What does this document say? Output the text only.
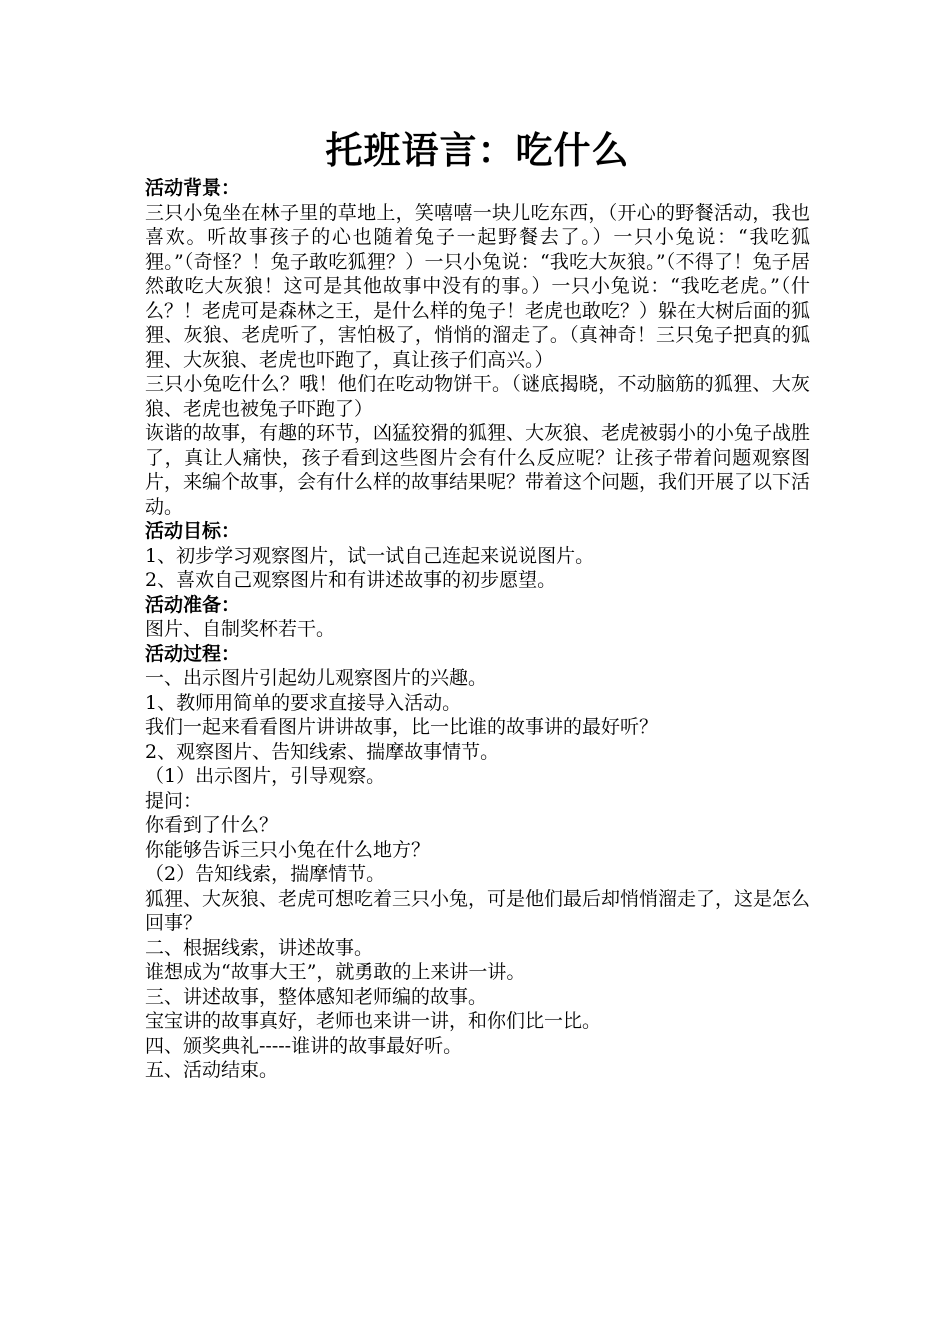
托班语言：吃什么

活动背景：

三只小兔坐在林子里的草地上，笑嘻嘻一块儿吃东西，（开心的野餐活动，我也喜欢。听故事孩子的心也随着兔子一起野餐去了。）一只小兔说：“我吃狐狸。”（奇怪？！兔子敢吃狐狸？）一只小兔说：“我吃大灰狼。”（不得了！兔子居然敢吃大灰狼！这可是其他故事中没有的事。）一只小兔说：“我吃老虎。”（什么？！老虎可是森林之王，是什么样的兔子！老虎也敢吃？）躲在大树后面的狐狸、灰狼、老虎听了，害怕极了，悄悄的溜走了。（真神奇！三只兔子把真的狐狸、大灰狼、老虎也吓跑了，真让孩子们高兴。）

三只小兔吃什么？哦！他们在吃动物饼干。（谜底揭晓，不动脑筋的狐狸、大灰狼、老虎也被兔子吓跑了）

诙谐的故事，有趣的环节，凶猛狡猾的狐狸、大灰狼、老虎被弱小的小兔子战胜了，真让人痛快，孩子看到这些图片会有什么反应呢？让孩子带着问题观察图片，来编个故事，会有什么样的故事结果呢？带着这个问题，我们开展了以下活动。

活动目标：

1、初步学习观察图片，试一试自己连起来说说图片。

2、喜欢自己观察图片和有讲述故事的初步愿望。

活动准备：

图片、自制奖杯若干。

活动过程：

一、出示图片引起幼儿观察图片的兴趣。

1、教师用简单的要求直接导入活动。

我们一起来看看图片讲讲故事，比一比谁的故事讲的最好听？

2、观察图片、告知线索、揣摩故事情节。

（1）出示图片，引导观察。

提问：

你看到了什么？

你能够告诉三只小兔在什么地方？

（2）告知线索，揣摩情节。

狐狸、大灰狼、老虎可想吃着三只小兔，可是他们最后却悄悄溜走了，这是怎么回事？

二、根据线索，讲述故事。

谁想成为“故事大王”，就勇敢的上来讲一讲。

三、讲述故事，整体感知老师编的故事。

宝宝讲的故事真好，老师也来讲一讲，和你们比一比。

四、颁奖典礼-----谁讲的故事最好听。

五、活动结束。
